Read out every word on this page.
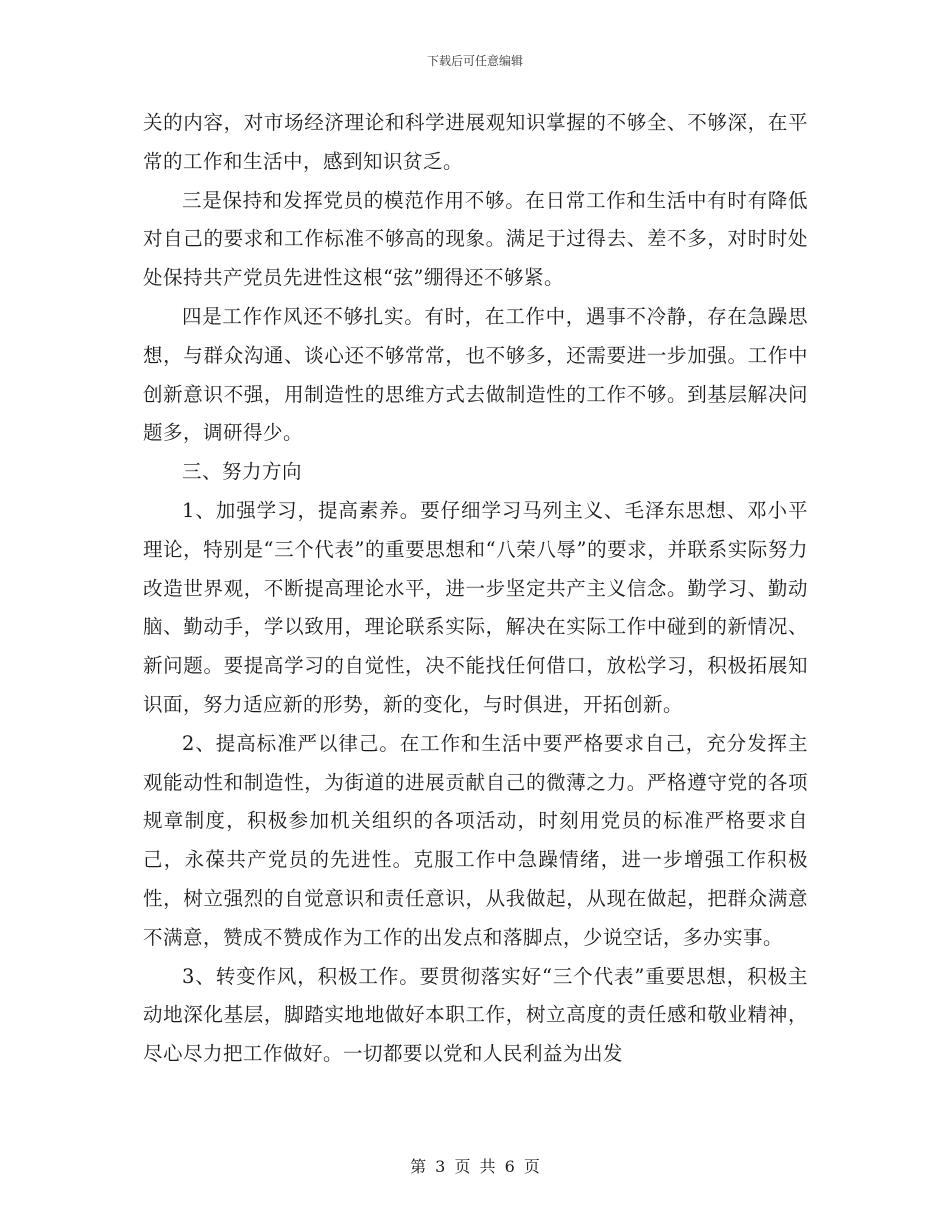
下载后可任意编辑

关的内容，对市场经济理论和科学进展观知识掌握的不够全、不够深，在平常的工作和生活中，感到知识贫乏。

三是保持和发挥党员的模范作用不够。在日常工作和生活中有时有降低对自己的要求和工作标准不够高的现象。满足于过得去、差不多，对时时处处保持共产党员先进性这根“弦”绷得还不够紧。

四是工作作风还不够扎实。有时，在工作中，遇事不冷静，存在急躁思想，与群众沟通、谈心还不够常常，也不够多，还需要进一步加强。工作中创新意识不强，用制造性的思维方式去做制造性的工作不够。到基层解决问题多，调研得少。

三、努力方向

1、加强学习，提高素养。要仔细学习马列主义、毛泽东思想、邓小平理论，特别是“三个代表”的重要思想和“八荣八辱”的要求，并联系实际努力改造世界观，不断提高理论水平，进一步坚定共产主义信念。勤学习、勤动脑、勤动手，学以致用，理论联系实际，解决在实际工作中碰到的新情况、新问题。要提高学习的自觉性，决不能找任何借口，放松学习，积极拓展知识面，努力适应新的形势，新的变化，与时俱进，开拓创新。

2、提高标准严以律己。在工作和生活中要严格要求自己，充分发挥主观能动性和制造性，为街道的进展贡献自己的微薄之力。严格遵守党的各项规章制度，积极参加机关组织的各项活动，时刻用党员的标准严格要求自己，永葆共产党员的先进性。克服工作中急躁情绪，进一步增强工作积极性，树立强烈的自觉意识和责任意识，从我做起，从现在做起，把群众满意不满意，赞成不赞成作为工作的出发点和落脚点，少说空话，多办实事。

3、转变作风，积极工作。要贯彻落实好“三个代表”重要思想，积极主动地深化基层，脚踏实地地做好本职工作，树立高度的责任感和敬业精神，尽心尽力把工作做好。一切都要以党和人民利益为出发

第 3 页 共 6 页
